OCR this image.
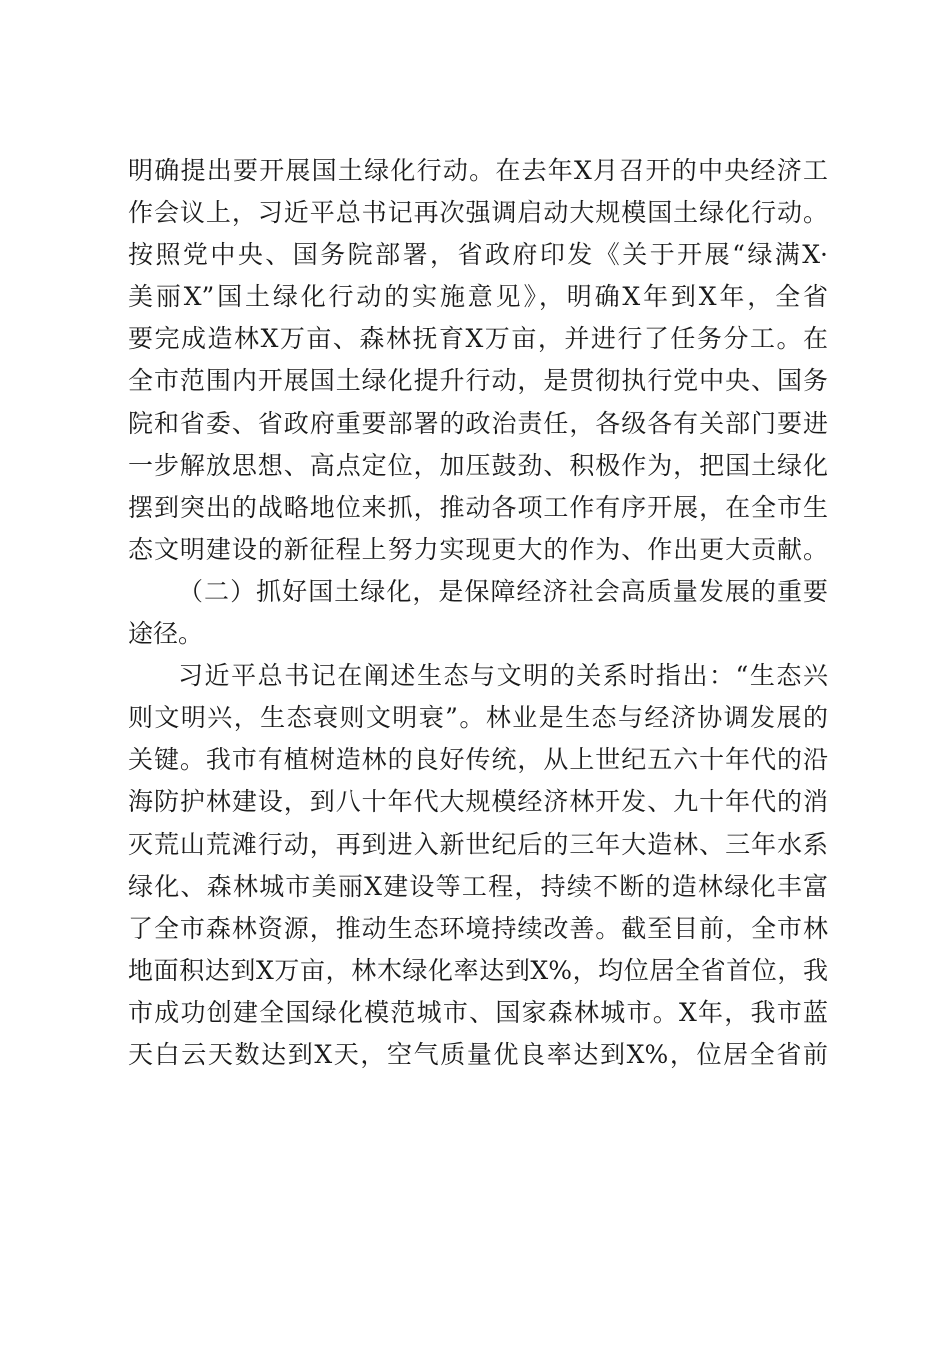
明确提出要开展国土绿化行动。在去年X月召开的中央经济工
作会议上，习近平总书记再次强调启动大规模国土绿化行动。
按照党中央、国务院部署，省政府印发《关于开展“绿满X·
美丽X”国土绿化行动的实施意见》，明确X年到X年，全省
要完成造林X万亩、森林抚育X万亩，并进行了任务分工。在
全市范围内开展国土绿化提升行动，是贯彻执行党中央、国务
院和省委、省政府重要部署的政治责任，各级各有关部门要进
一步解放思想、高点定位，加压鼓劲、积极作为，把国土绿化
摆到突出的战略地位来抓，推动各项工作有序开展，在全市生
态文明建设的新征程上努力实现更大的作为、作出更大贡献。
（二）抓好国土绿化，是保障经济社会高质量发展的重要
途径。
习近平总书记在阐述生态与文明的关系时指出：“生态兴
则文明兴，生态衰则文明衰”。林业是生态与经济协调发展的
关键。我市有植树造林的良好传统，从上世纪五六十年代的沿
海防护林建设，到八十年代大规模经济林开发、九十年代的消
灭荒山荒滩行动，再到进入新世纪后的三年大造林、三年水系
绿化、森林城市美丽X建设等工程，持续不断的造林绿化丰富
了全市森林资源，推动生态环境持续改善。截至目前，全市林
地面积达到X万亩，林木绿化率达到X%，均位居全省首位，我
市成功创建全国绿化模范城市、国家森林城市。X年，我市蓝
天白云天数达到X天，空气质量优良率达到X%，位居全省前
